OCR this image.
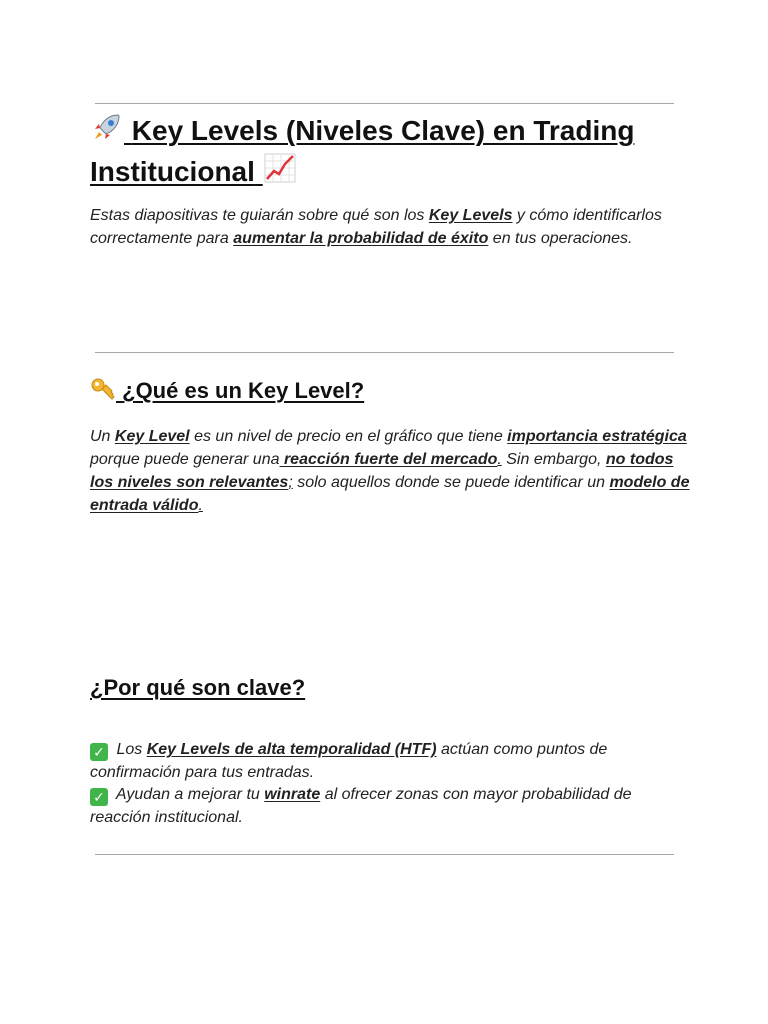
Key Levels (Niveles Clave) en Trading Institucional

Estas diapositivas te guiarán sobre qué son los Key Levels y cómo identificarlos correctamente para aumentar la probabilidad de éxito en tus operaciones.

¿Qué es un Key Level?

Un Key Level es un nivel de precio en el gráfico que tiene importancia estratégica porque puede generar una reacción fuerte del mercado. Sin embargo, no todos los niveles son relevantes; solo aquellos donde se puede identificar un modelo de entrada válido.

¿Por qué son clave?

✓ Los Key Levels de alta temporalidad (HTF) actúan como puntos de confirmación para tus entradas.

✓ Ayudan a mejorar tu winrate al ofrecer zonas con mayor probabilidad de reacción institucional.
